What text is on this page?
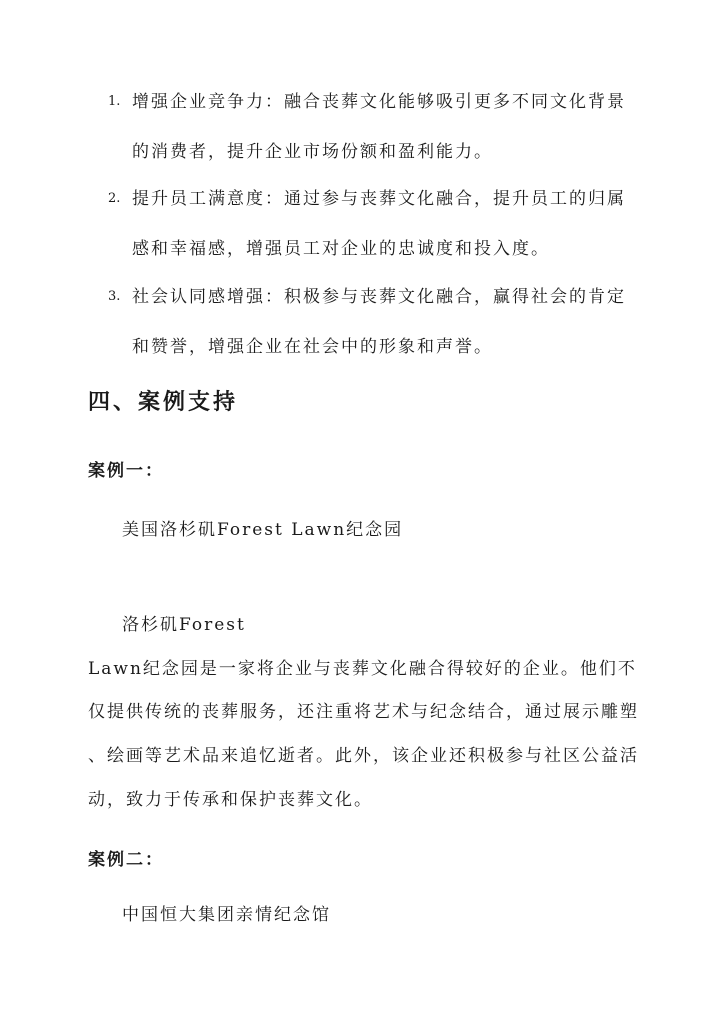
1. 增强企业竞争力：融合丧葬文化能够吸引更多不同文化背景
的消费者，提升企业市场份额和盈利能力。
2. 提升员工满意度：通过参与丧葬文化融合，提升员工的归属
感和幸福感，增强员工对企业的忠诚度和投入度。
3. 社会认同感增强：积极参与丧葬文化融合，赢得社会的肯定
和赞誉，增强企业在社会中的形象和声誉。
四、案例支持
案例一：
美国洛杉矶Forest Lawn纪念园
洛杉矶Forest
Lawn纪念园是一家将企业与丧葬文化融合得较好的企业。他们不
仅提供传统的丧葬服务，还注重将艺术与纪念结合，通过展示雕塑
、绘画等艺术品来追忆逝者。此外，该企业还积极参与社区公益活
动，致力于传承和保护丧葬文化。
案例二：
中国恒大集团亲情纪念馆
